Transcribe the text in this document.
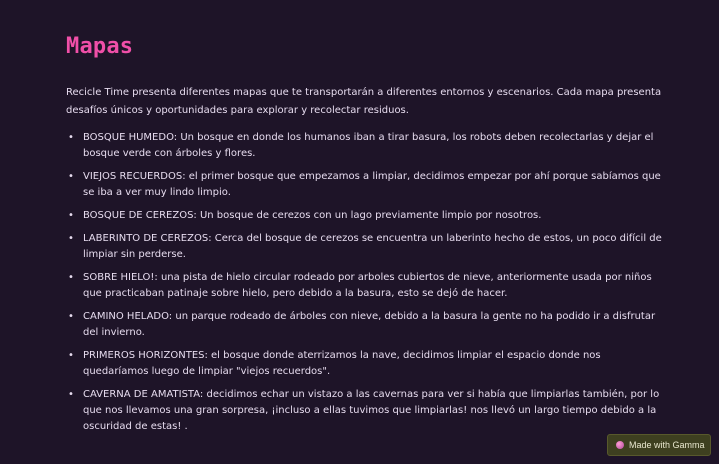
Mapas

Recicle Time presenta diferentes mapas que te transportarán a diferentes entornos y escenarios. Cada mapa presenta desafíos únicos y oportunidades para explorar y recolectar residuos.

• BOSQUE HUMEDO: Un bosque en donde los humanos iban a tirar basura, los robots deben recolectarlas y dejar el bosque verde con árboles y flores.
• VIEJOS RECUERDOS: el primer bosque que empezamos a limpiar, decidimos empezar por ahí porque sabíamos que se iba a ver muy lindo limpio.
• BOSQUE DE CEREZOS: Un bosque de cerezos con un lago previamente limpio por nosotros.
• LABERINTO DE CEREZOS: Cerca del bosque de cerezos se encuentra un laberinto hecho de estos, un poco difícil de limpiar sin perderse.
• SOBRE HIELO!: una pista de hielo circular rodeado por arboles cubiertos de nieve, anteriormente usada por niños que practicaban patinaje sobre hielo, pero debido a la basura, esto se dejó de hacer.
• CAMINO HELADO: un parque rodeado de árboles con nieve, debido a la basura la gente no ha podido ir a disfrutar del invierno.
• PRIMEROS HORIZONTES: el bosque donde aterrizamos la nave, decidimos limpiar el espacio donde nos quedaríamos luego de limpiar "viejos recuerdos".
• CAVERNA DE AMATISTA: decidimos echar un vistazo a las cavernas para ver si había que limpiarlas también, por lo que nos llevamos una gran sorpresa, ¡incluso a ellas tuvimos que limpiarlas! nos llevó un largo tiempo debido a la oscuridad de estas! .
Made with Gamma
